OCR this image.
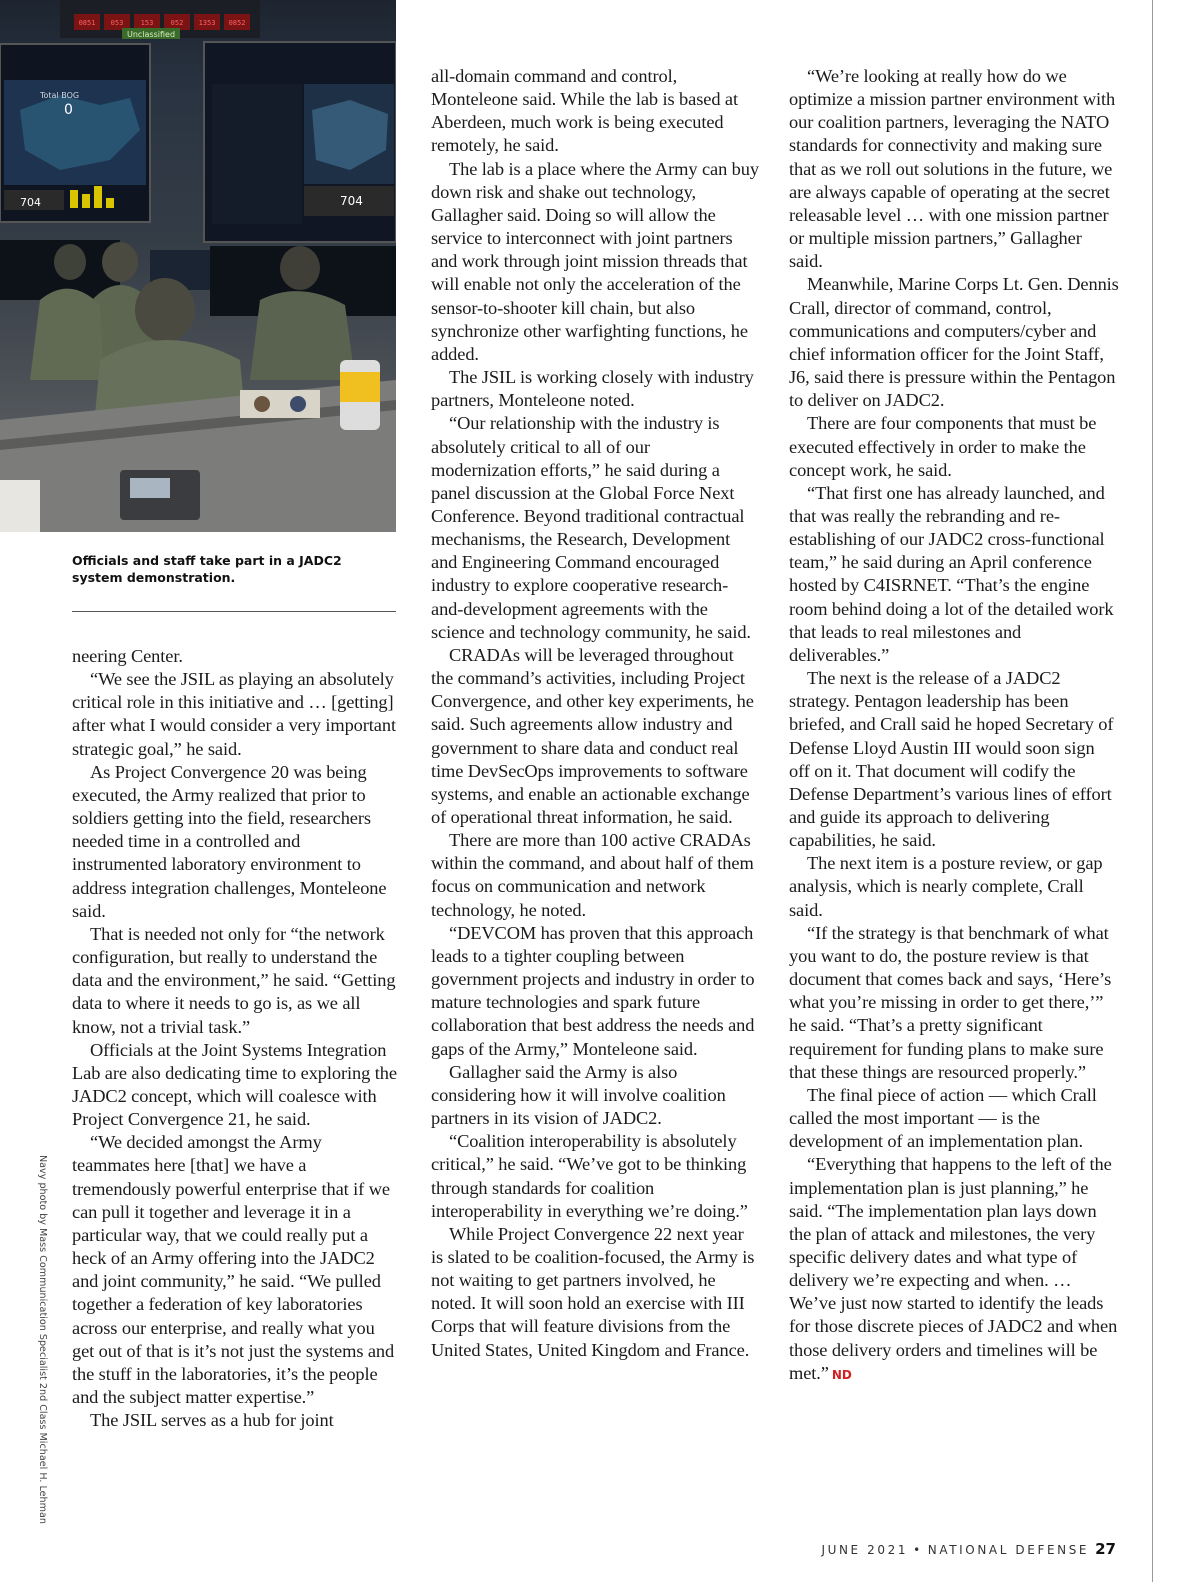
0851 053 153 052 1353 0852
Unclassified
Total BOG
0
704	704
Officials and staff take part in a JADC2 system demonstration.
Navy photo by Mass Communication Specialist 2nd Class Michael H. Lehman

neering Center.

“We see the JSIL as playing an absolutely critical role in this initiative and … [getting] after what I would consider a very important strategic goal,” he said.

As Project Convergence 20 was being executed, the Army realized that prior to soldiers getting into the field, researchers needed time in a controlled and instrumented laboratory environment to address integration challenges, Monteleone said.

That is needed not only for “the network configuration, but really to understand the data and the environment,” he said. “Getting data to where it needs to go is, as we all know, not a trivial task.”

Officials at the Joint Systems Integration Lab are also dedicating time to exploring the JADC2 concept, which will coalesce with Project Convergence 21, he said.

“We decided amongst the Army teammates here [that] we have a tremendously powerful enterprise that if we can pull it together and leverage it in a particular way, that we could really put a heck of an Army offering into the JADC2 and joint community,” he said. “We pulled together a federation of key laboratories across our enterprise, and really what you get out of that is it’s not just the systems and the stuff in the laboratories, it’s the people and the subject matter expertise.”

The JSIL serves as a hub for joint

all-domain command and control, Monteleone said. While the lab is based at Aberdeen, much work is being executed remotely, he said.

The lab is a place where the Army can buy down risk and shake out technology, Gallagher said. Doing so will allow the service to interconnect with joint partners and work through joint mission threads that will enable not only the acceleration of the sensor-to-shooter kill chain, but also synchronize other warfighting functions, he added.

The JSIL is working closely with industry partners, Monteleone noted.

“Our relationship with the industry is absolutely critical to all of our modernization efforts,” he said during a panel discussion at the Global Force Next Conference. Beyond traditional contractual mechanisms, the Research, Development and Engineering Command encouraged industry to explore cooperative research-and-development agreements with the science and technology community, he said.

CRADAs will be leveraged throughout the command’s activities, including Project Convergence, and other key experiments, he said. Such agreements allow industry and government to share data and conduct real time DevSecOps improvements to software systems, and enable an actionable exchange of operational threat information, he said.

There are more than 100 active CRADAs within the command, and about half of them focus on communication and network technology, he noted.

“DEVCOM has proven that this approach leads to a tighter coupling between government projects and industry in order to mature technologies and spark future collaboration that best address the needs and gaps of the Army,” Monteleone said.

Gallagher said the Army is also considering how it will involve coalition partners in its vision of JADC2.

“Coalition interoperability is absolutely critical,” he said. “We’ve got to be thinking through standards for coalition interoperability in everything we’re doing.”

While Project Convergence 22 next year is slated to be coalition-focused, the Army is not waiting to get partners involved, he noted. It will soon hold an exercise with III Corps that will feature divisions from the United States, United Kingdom and France.

“We’re looking at really how do we optimize a mission partner environment with our coalition partners, leveraging the NATO standards for connectivity and making sure that as we roll out solutions in the future, we are always capable of operating at the secret releasable level … with one mission partner or multiple mission partners,” Gallagher said.

Meanwhile, Marine Corps Lt. Gen. Dennis Crall, director of command, control, communications and computers/cyber and chief information officer for the Joint Staff, J6, said there is pressure within the Pentagon to deliver on JADC2.

There are four components that must be executed effectively in order to make the concept work, he said.

“That first one has already launched, and that was really the rebranding and re-establishing of our JADC2 cross-functional team,” he said during an April conference hosted by C4ISRNET. “That’s the engine room behind doing a lot of the detailed work that leads to real milestones and deliverables.”

The next is the release of a JADC2 strategy. Pentagon leadership has been briefed, and Crall said he hoped Secretary of Defense Lloyd Austin III would soon sign off on it. That document will codify the Defense Department’s various lines of effort and guide its approach to delivering capabilities, he said.

The next item is a posture review, or gap analysis, which is nearly complete, Crall said.

“If the strategy is that benchmark of what you want to do, the posture review is that document that comes back and says, ‘Here’s what you’re missing in order to get there,’” he said. “That’s a pretty significant requirement for funding plans to make sure that these things are resourced properly.”

The final piece of action — which Crall called the most important — is the development of an implementation plan.

“Everything that happens to the left of the implementation plan is just planning,” he said. “The implementation plan lays down the plan of attack and milestones, the very specific delivery dates and what type of delivery we’re expecting and when. … We’ve just now started to identify the leads for those discrete pieces of JADC2 and when those delivery orders and timelines will be met.” ND

JUNE 2021 • NATIONAL DEFENSE 27
